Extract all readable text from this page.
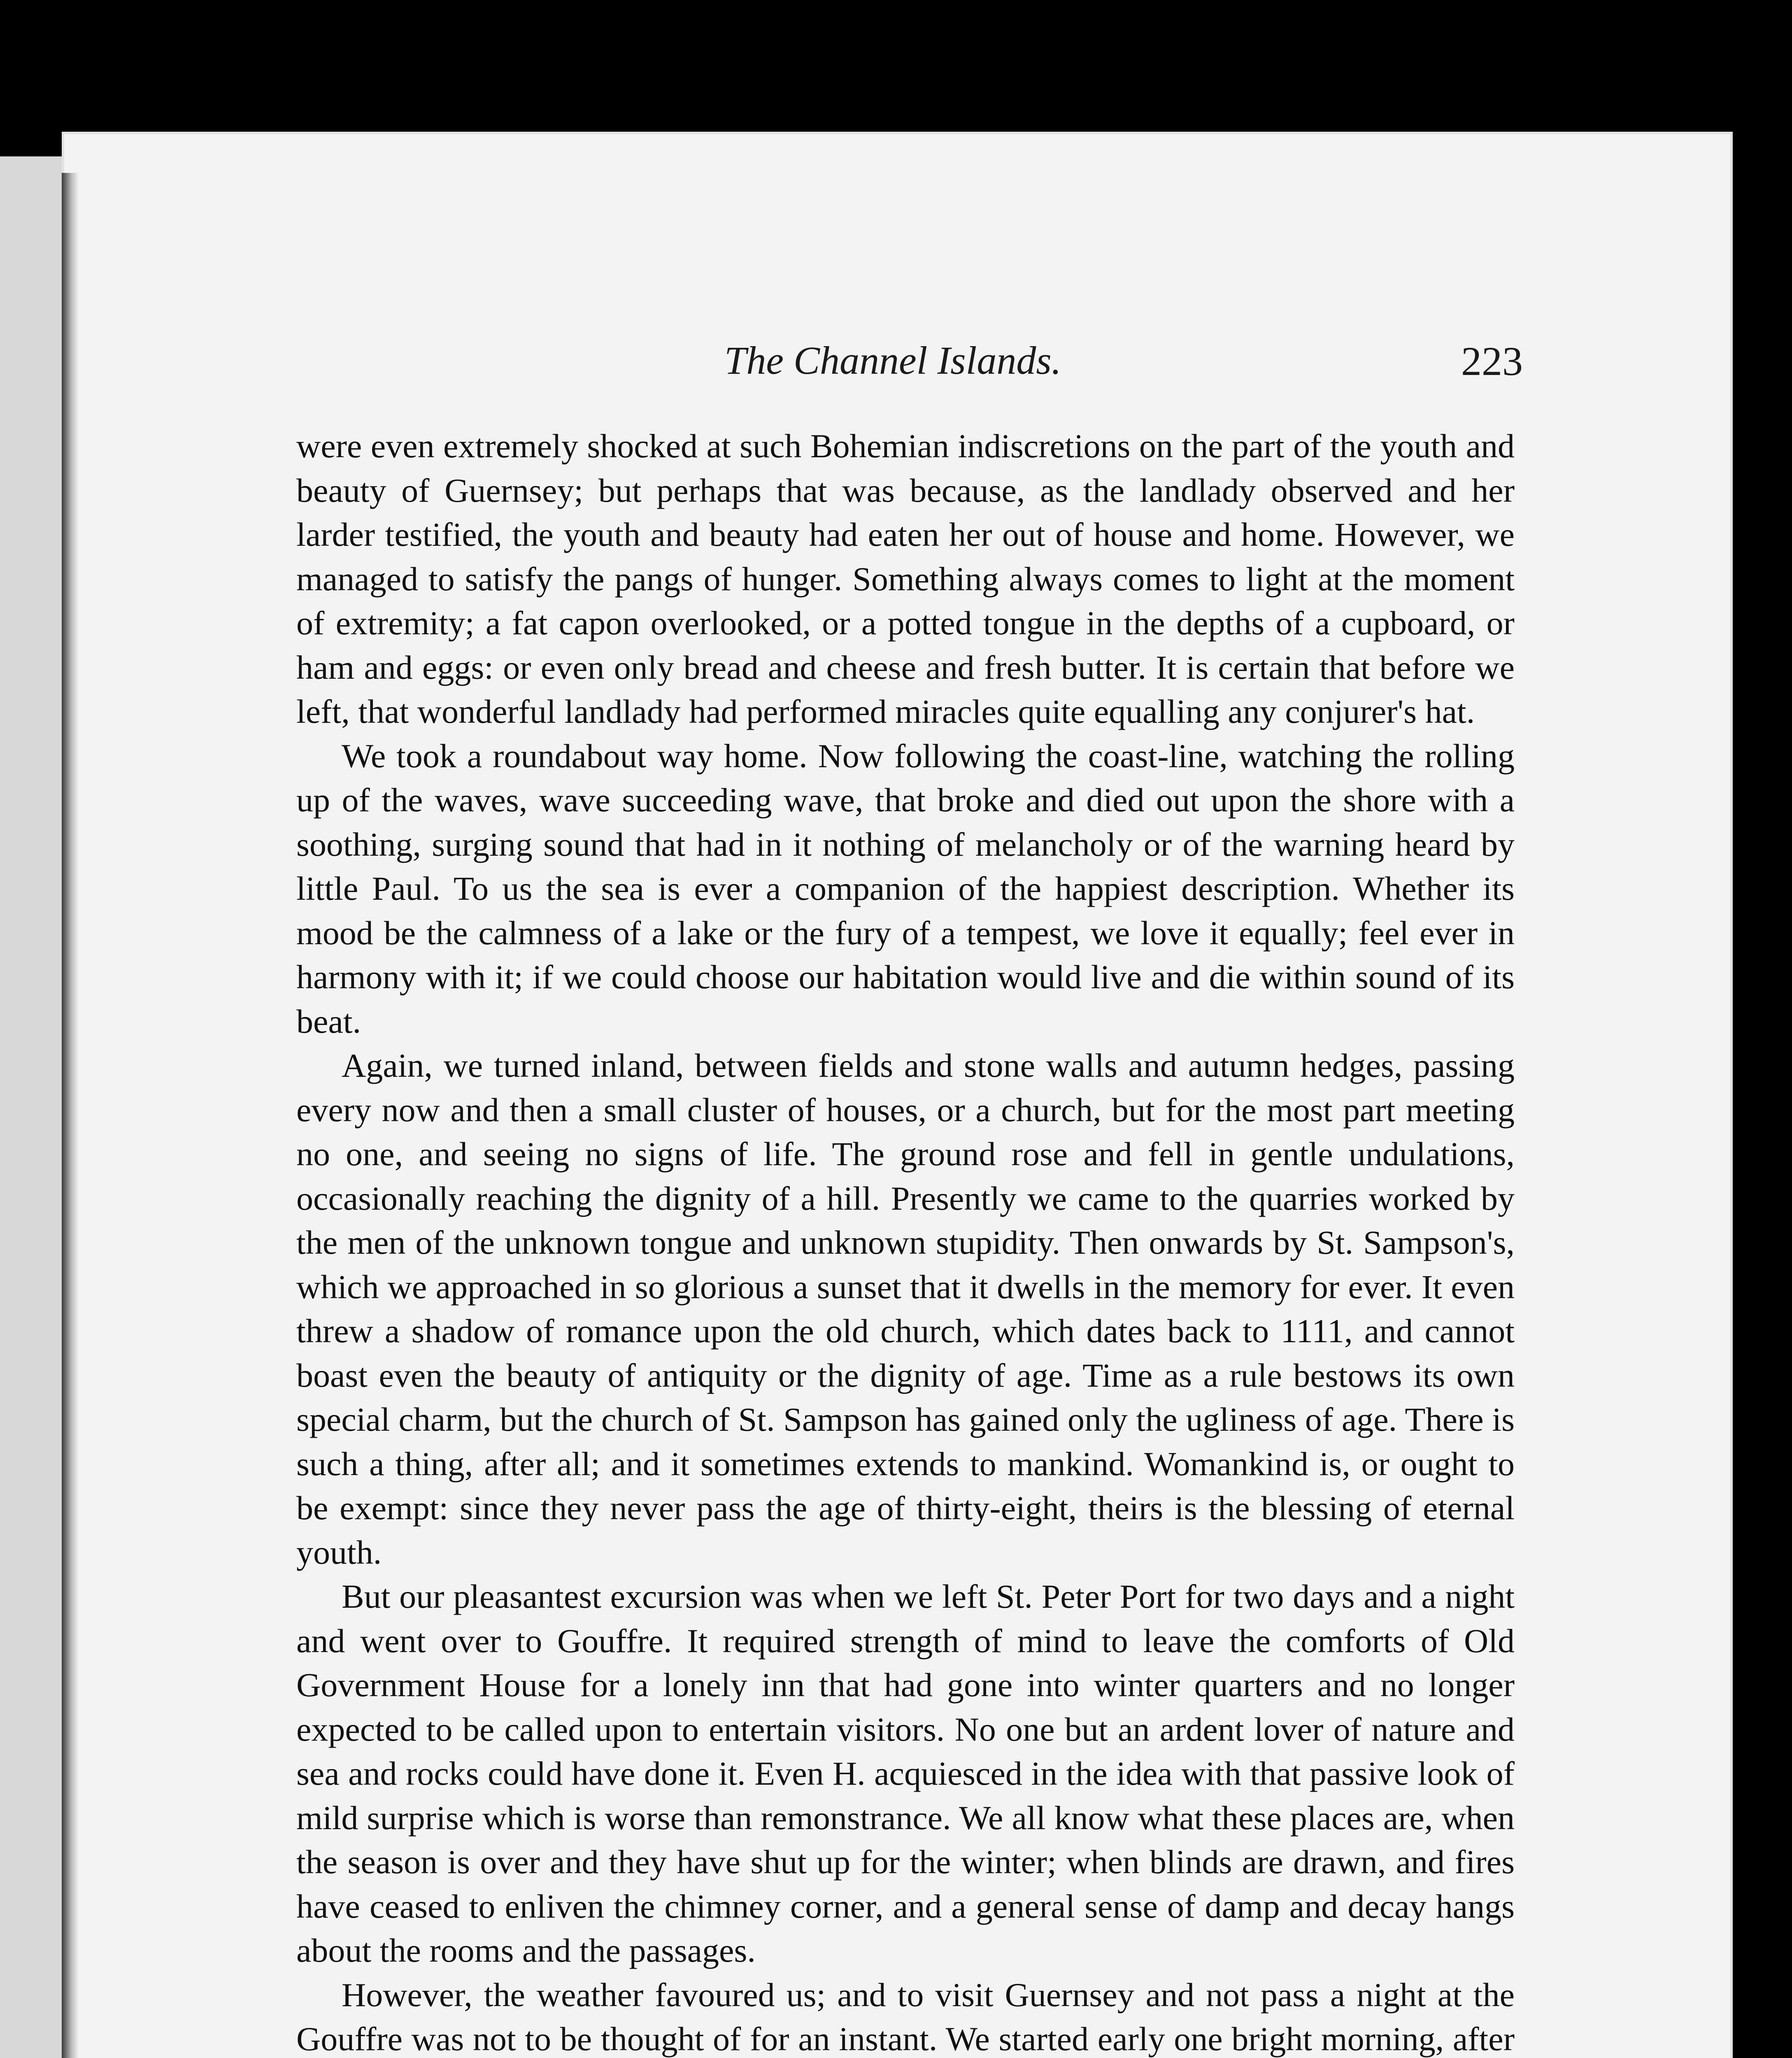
The Channel Islands.	223

were even extremely shocked at such Bohemian indiscretions on the part of the youth and beauty of Guernsey; but perhaps that was because, as the landlady observed and her larder testified, the youth and beauty had eaten her out of house and home. However, we managed to satisfy the pangs of hunger. Something always comes to light at the moment of extremity; a fat capon overlooked, or a potted tongue in the depths of a cupboard, or ham and eggs: or even only bread and cheese and fresh butter. It is certain that before we left, that wonderful landlady had performed miracles quite equalling any conjurer's hat.

We took a roundabout way home. Now following the coast-line, watching the rolling up of the waves, wave succeeding wave, that broke and died out upon the shore with a soothing, surging sound that had in it nothing of melancholy or of the warning heard by little Paul. To us the sea is ever a companion of the happiest description. Whether its mood be the calmness of a lake or the fury of a tempest, we love it equally; feel ever in harmony with it; if we could choose our habitation would live and die within sound of its beat.

Again, we turned inland, between fields and stone walls and autumn hedges, passing every now and then a small cluster of houses, or a church, but for the most part meeting no one, and seeing no signs of life. The ground rose and fell in gentle undulations, occasionally reaching the dignity of a hill. Presently we came to the quarries worked by the men of the unknown tongue and unknown stupidity. Then onwards by St. Sampson's, which we approached in so glorious a sunset that it dwells in the memory for ever. It even threw a shadow of romance upon the old church, which dates back to 1111, and cannot boast even the beauty of antiquity or the dignity of age. Time as a rule bestows its own special charm, but the church of St. Sampson has gained only the ugliness of age. There is such a thing, after all; and it sometimes extends to mankind. Womankind is, or ought to be exempt: since they never pass the age of thirty-eight, theirs is the blessing of eternal youth.

But our pleasantest excursion was when we left St. Peter Port for two days and a night and went over to Gouffre. It required strength of mind to leave the comforts of Old Government House for a lonely inn that had gone into winter quarters and no longer expected to be called upon to entertain visitors. No one but an ardent lover of nature and sea and rocks could have done it. Even H. acquiesced in the idea with that passive look of mild surprise which is worse than remonstrance. We all know what these places are, when the season is over and they have shut up for the winter; when blinds are drawn, and fires have ceased to enliven the chimney corner, and a general sense of damp and decay hangs about the rooms and the passages.

However, the weather favoured us; and to visit Guernsey and not pass a night at the Gouffre was not to be thought of for an instant. We started early one bright morning, after
